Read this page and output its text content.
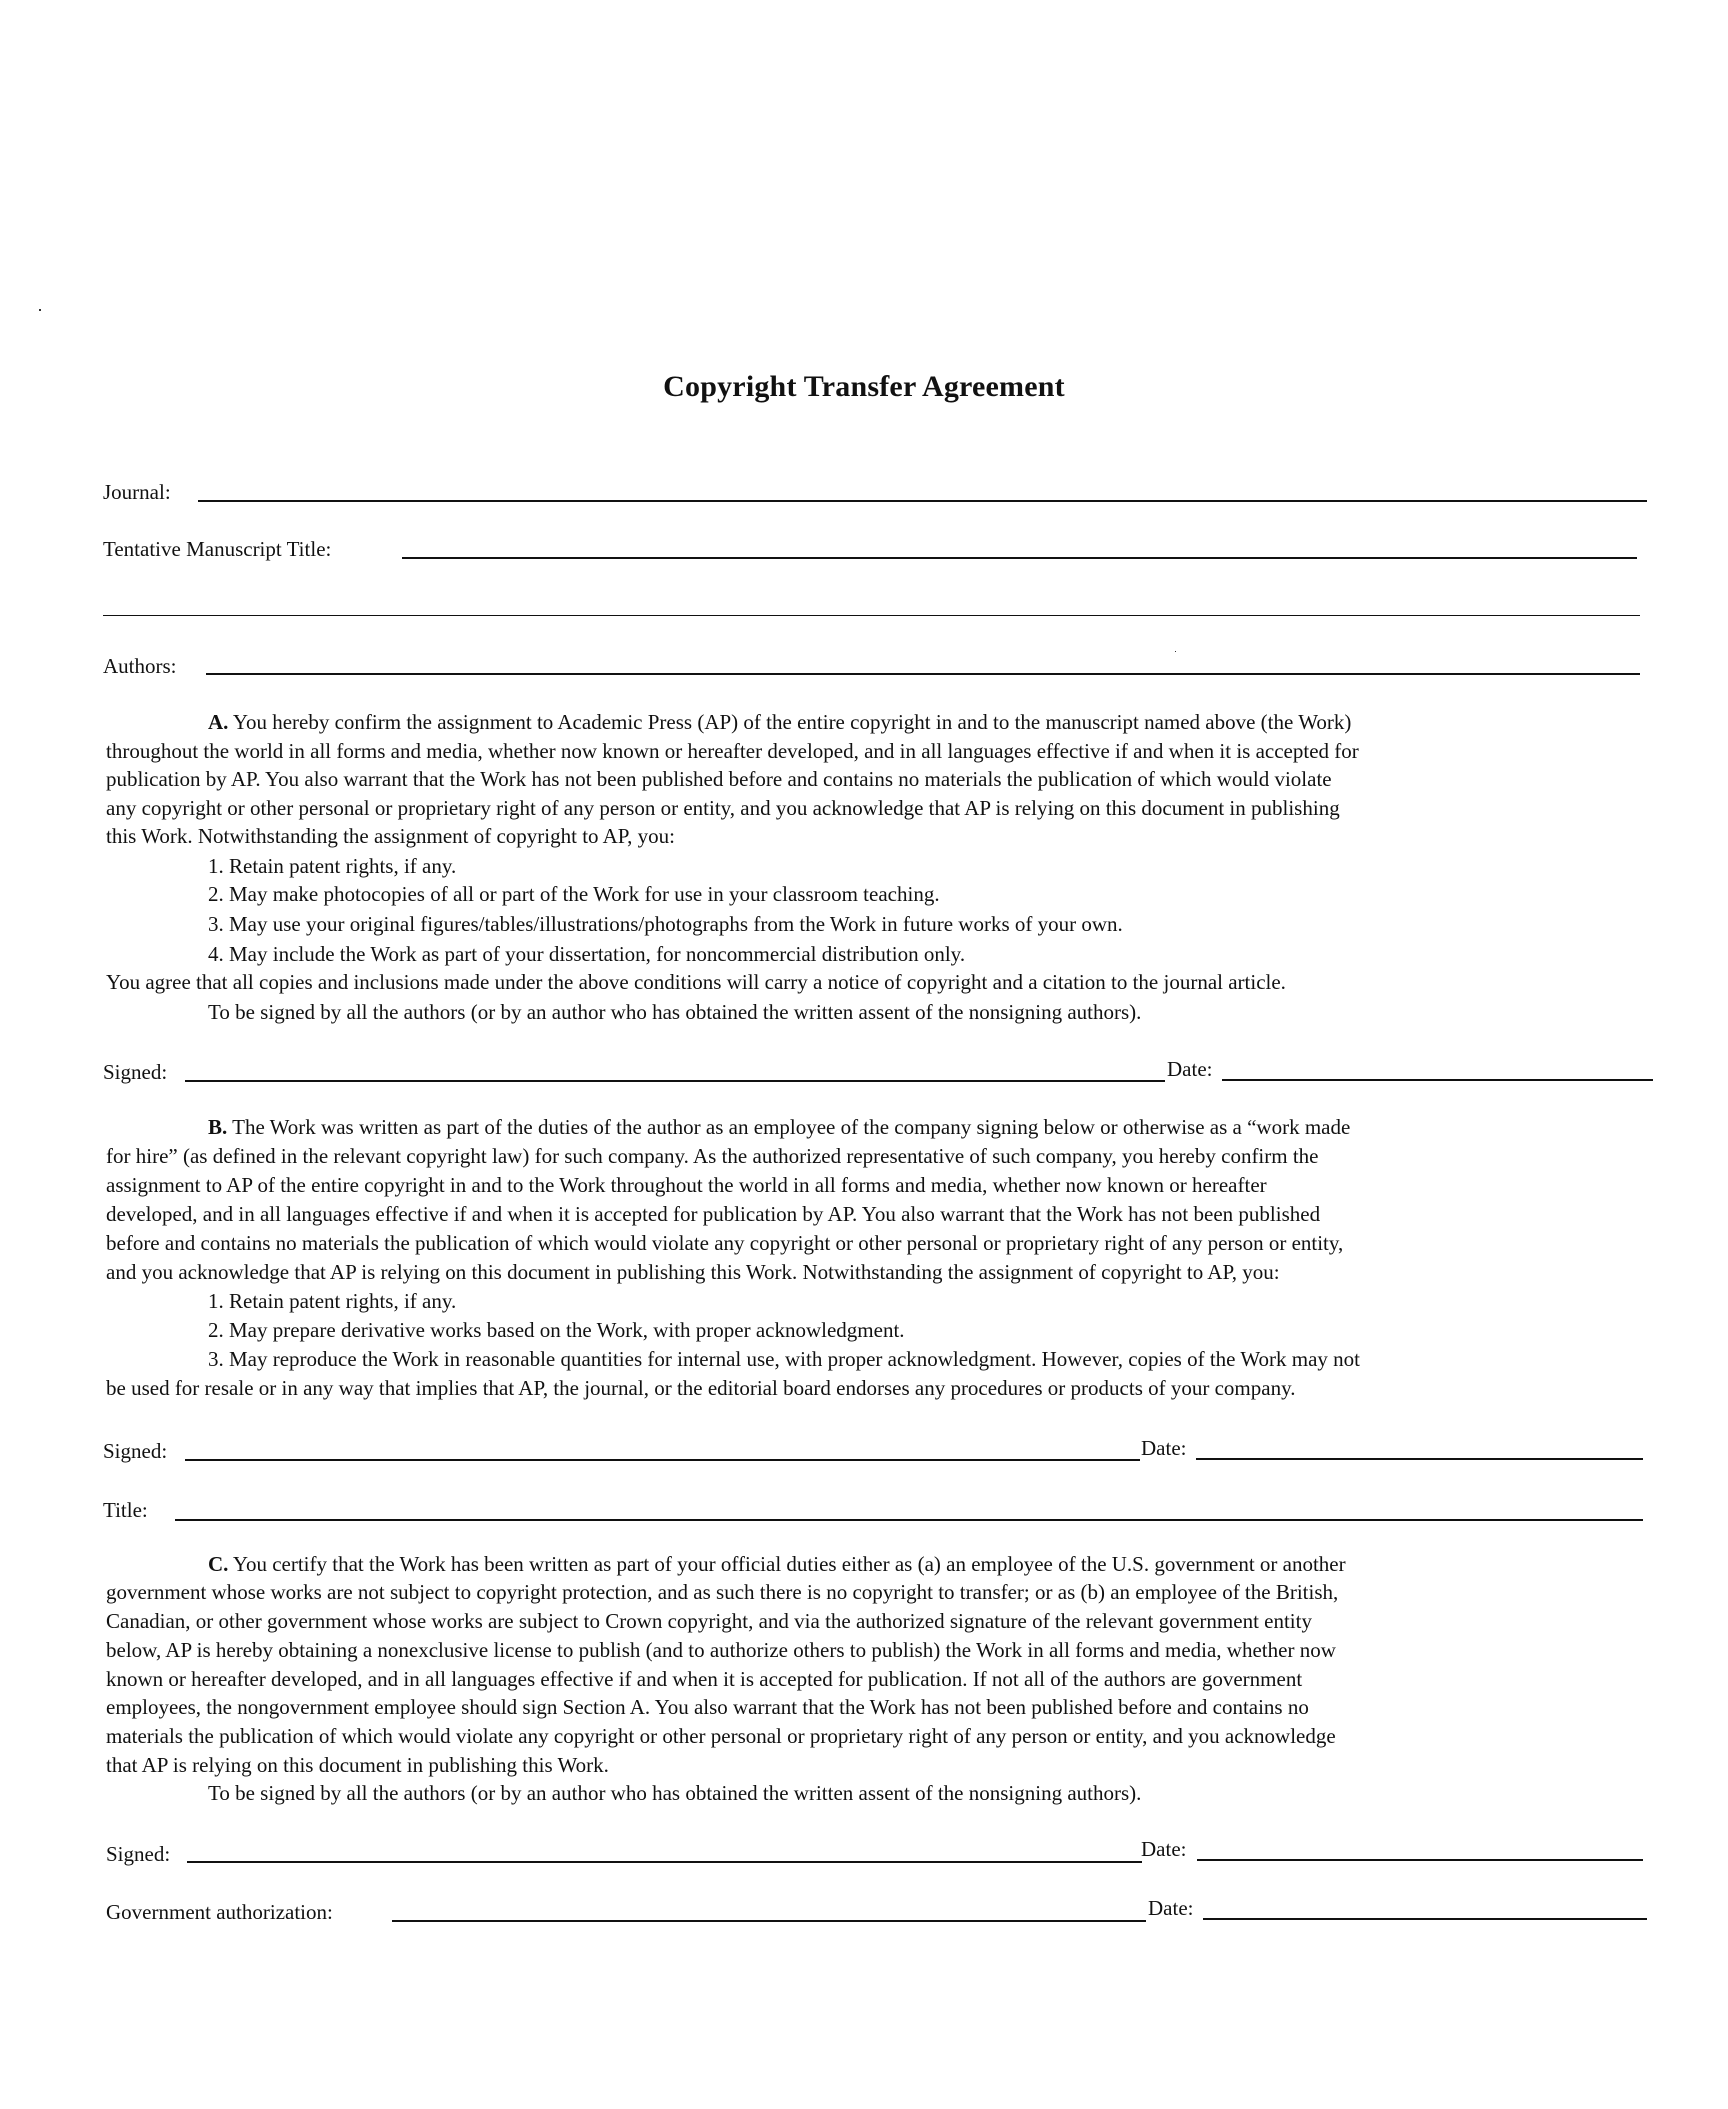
Copyright Transfer Agreement
Journal:
Tentative Manuscript Title:
Authors:
A. You hereby confirm the assignment to Academic Press (AP) of the entire copyright in and to the manuscript named above (the Work)
throughout the world in all forms and media, whether now known or hereafter developed, and in all languages effective if and when it is accepted for
publication by AP. You also warrant that the Work has not been published before and contains no materials the publication of which would violate
any copyright or other personal or proprietary right of any person or entity, and you acknowledge that AP is relying on this document in publishing
this Work. Notwithstanding the assignment of copyright to AP, you:
1. Retain patent rights, if any.
2. May make photocopies of all or part of the Work for use in your classroom teaching.
3. May use your original figures/tables/illustrations/photographs from the Work in future works of your own.
4. May include the Work as part of your dissertation, for noncommercial distribution only.
You agree that all copies and inclusions made under the above conditions will carry a notice of copyright and a citation to the journal article.
To be signed by all the authors (or by an author who has obtained the written assent of the nonsigning authors).
Signed:	Date:
B. The Work was written as part of the duties of the author as an employee of the company signing below or otherwise as a “work made
for hire” (as defined in the relevant copyright law) for such company. As the authorized representative of such company, you hereby confirm the
assignment to AP of the entire copyright in and to the Work throughout the world in all forms and media, whether now known or hereafter
developed, and in all languages effective if and when it is accepted for publication by AP. You also warrant that the Work has not been published
before and contains no materials the publication of which would violate any copyright or other personal or proprietary right of any person or entity,
and you acknowledge that AP is relying on this document in publishing this Work. Notwithstanding the assignment of copyright to AP, you:
1. Retain patent rights, if any.
2. May prepare derivative works based on the Work, with proper acknowledgment.
3. May reproduce the Work in reasonable quantities for internal use, with proper acknowledgment. However, copies of the Work may not
be used for resale or in any way that implies that AP, the journal, or the editorial board endorses any procedures or products of your company.
Signed:	Date:
Title:
C. You certify that the Work has been written as part of your official duties either as (a) an employee of the U.S. government or another
government whose works are not subject to copyright protection, and as such there is no copyright to transfer; or as (b) an employee of the British,
Canadian, or other government whose works are subject to Crown copyright, and via the authorized signature of the relevant government entity
below, AP is hereby obtaining a nonexclusive license to publish (and to authorize others to publish) the Work in all forms and media, whether now
known or hereafter developed, and in all languages effective if and when it is accepted for publication. If not all of the authors are government
employees, the nongovernment employee should sign Section A. You also warrant that the Work has not been published before and contains no
materials the publication of which would violate any copyright or other personal or proprietary right of any person or entity, and you acknowledge
that AP is relying on this document in publishing this Work.
To be signed by all the authors (or by an author who has obtained the written assent of the nonsigning authors).
Signed:	Date:
Government authorization:	Date:
